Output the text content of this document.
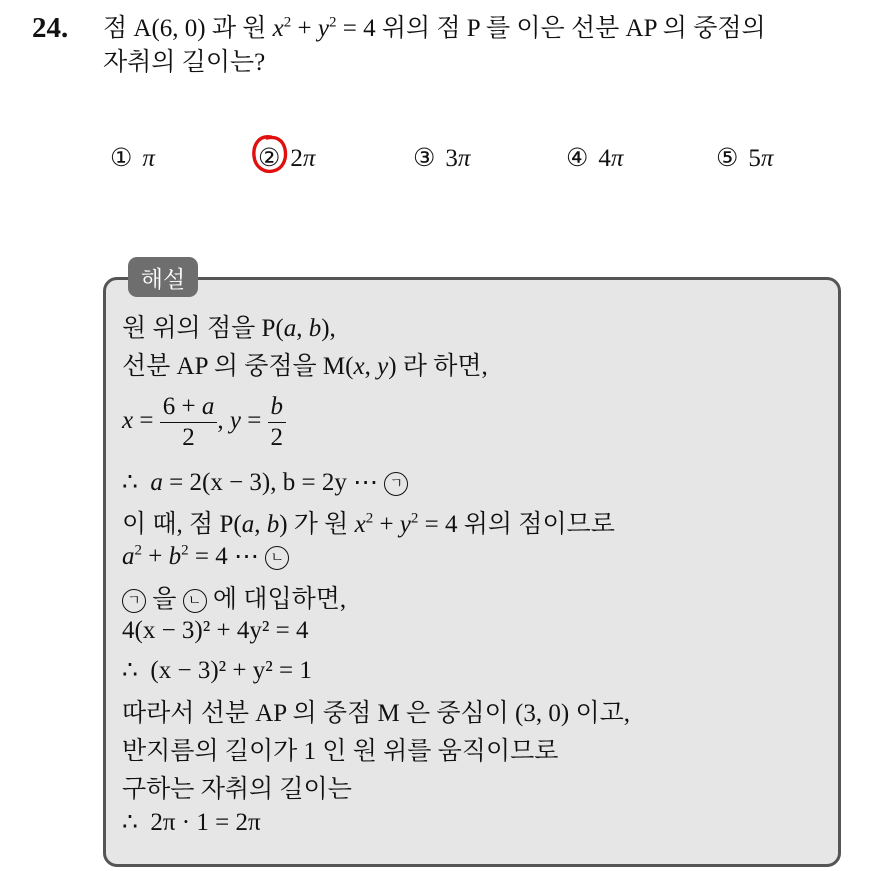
24. 점 A(6, 0) 과 원 $x^2 + y^2 = 4$ 위의 점 P 를 이은 선분 AP 의 중점의
자취의 길이는?
① π	② 2π	③ 3π	④ 4π	⑤ 5π
해설
원 위의 점을 P(a, b),
선분 AP 의 중점을 M(x, y) 라 하면,
$x = \frac{6 + a}{2}$ , $y = \frac{b}{2}$
∴ a = 2(x − 3), b = 2y ⋯ ㄱ
이 때, 점 P(a, b) 가 원 $x^2 + y^2 = 4$ 위의 점이므로
$a^2 + b^2 = 4$ ⋯ ㄴ
ㄱ 을 ㄴ 에 대입하면,
4(x − 3)² + 4y² = 4
∴ (x − 3)² + y² = 1
따라서 선분 AP 의 중점 M 은 중심이 (3, 0) 이고,
반지름의 길이가 1 인 원 위를 움직이므로
구하는 자취의 길이는
∴ 2π · 1 = 2π
